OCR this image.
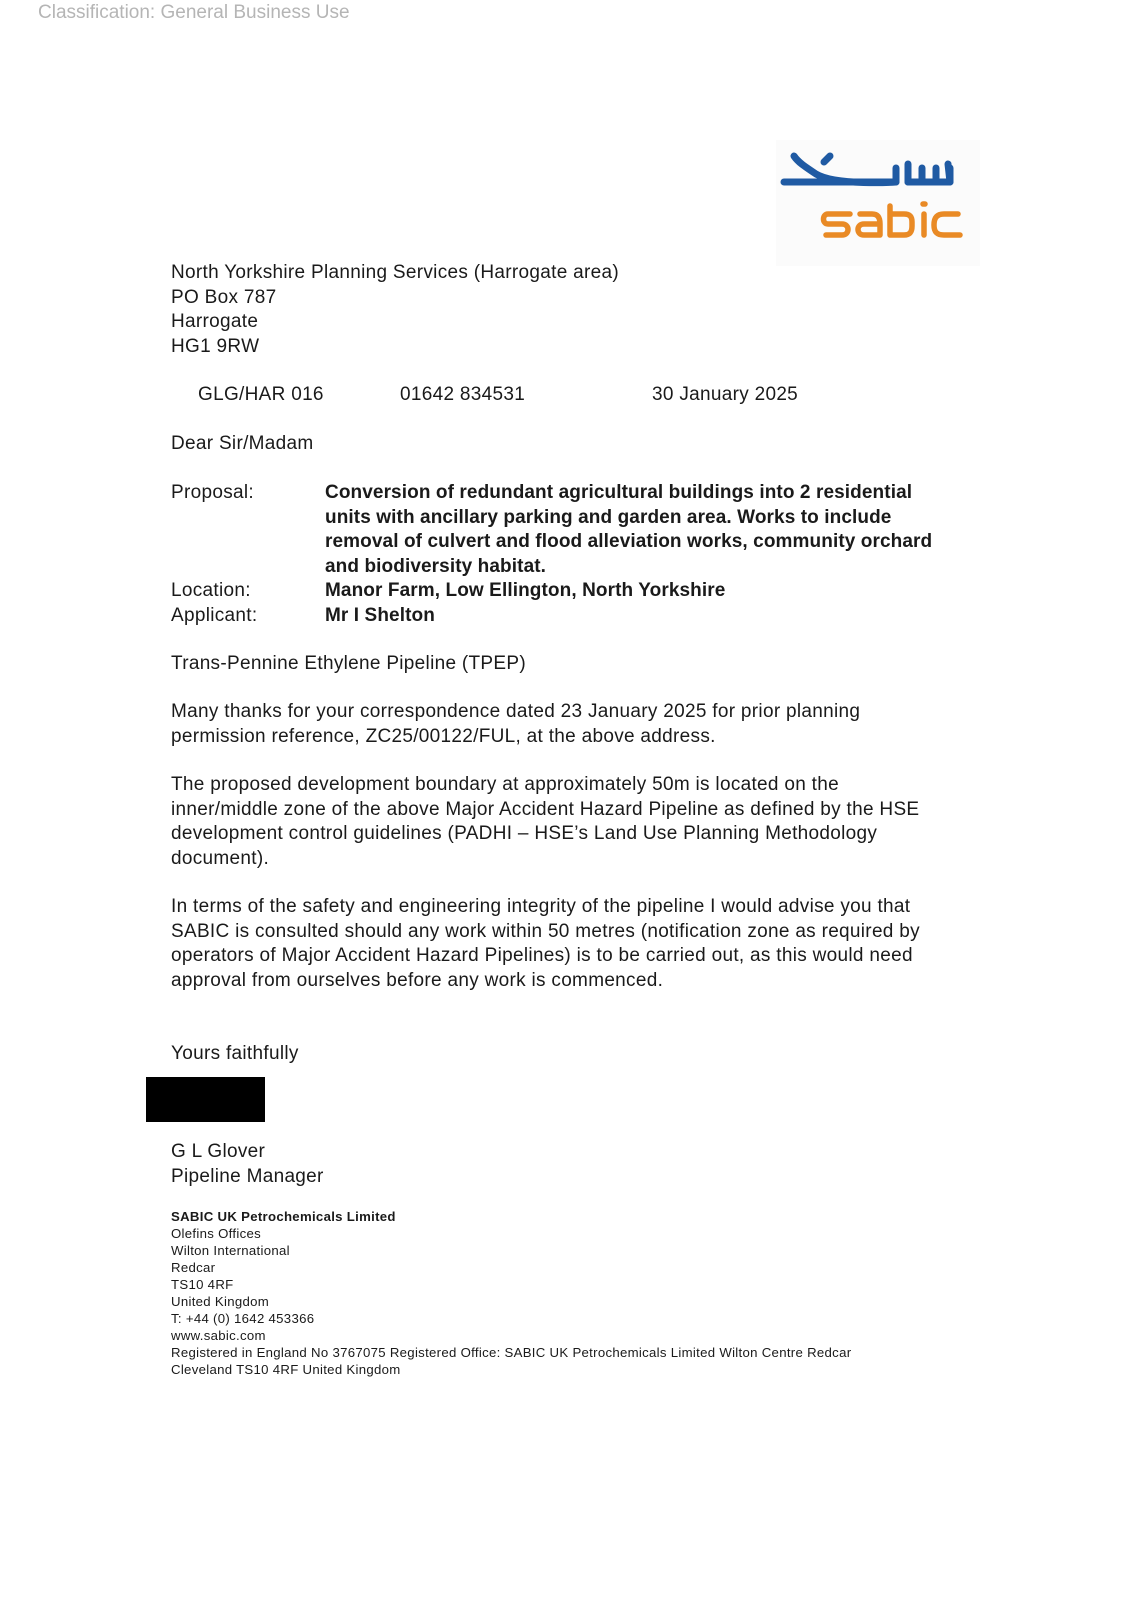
Classification: General Business Use
North Yorkshire Planning Services (Harrogate area)
PO Box 787
Harrogate
HG1 9RW
GLG/HAR 016	01642 834531	30 January 2025
Dear Sir/Madam
Proposal:	Conversion of redundant agricultural buildings into 2 residential units with ancillary parking and garden area. Works to include removal of culvert and flood alleviation works, community orchard and biodiversity habitat.
Location:	Manor Farm, Low Ellington, North Yorkshire
Applicant:	Mr I Shelton
Trans-Pennine Ethylene Pipeline (TPEP)
Many thanks for your correspondence dated 23 January 2025 for prior planning permission reference, ZC25/00122/FUL, at the above address.
The proposed development boundary at approximately 50m is located on the inner/middle zone of the above Major Accident Hazard Pipeline as defined by the HSE development control guidelines (PADHI – HSE’s Land Use Planning Methodology document).
In terms of the safety and engineering integrity of the pipeline I would advise you that SABIC is consulted should any work within 50 metres (notification zone as required by operators of Major Accident Hazard Pipelines) is to be carried out, as this would need approval from ourselves before any work is commenced.
Yours faithfully
G L Glover
Pipeline Manager
SABIC UK Petrochemicals Limited
Olefins Offices
Wilton International
Redcar
TS10 4RF
United Kingdom
T: +44 (0) 1642 453366
www.sabic.com
Registered in England No 3767075 Registered Office: SABIC UK Petrochemicals Limited Wilton Centre Redcar
Cleveland TS10 4RF United Kingdom
